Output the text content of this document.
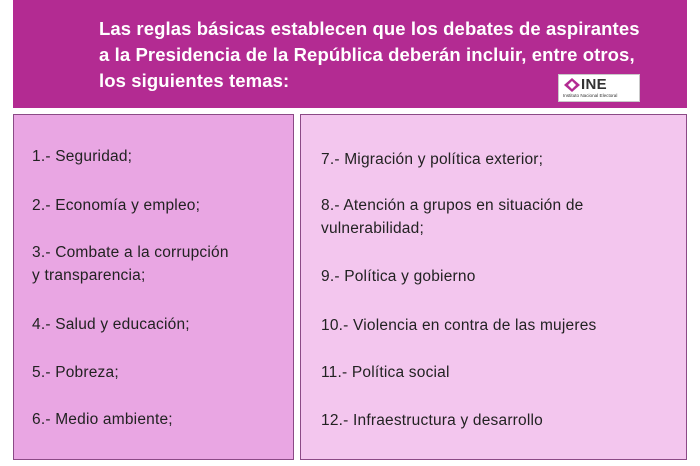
Las reglas básicas establecen que los debates de aspirantes
a la Presidencia de la República deberán incluir, entre otros,
los siguientes temas:	INE
Instituto Nacional Electoral
1.- Seguridad;
2.- Economía y empleo;
3.- Combate a la corrupción
y transparencia;
4.- Salud y educación;
5.- Pobreza;
6.- Medio ambiente;
7.- Migración y política exterior;
8.- Atención a grupos en situación de
vulnerabilidad;
9.- Política y gobierno
10.- Violencia en contra de las mujeres
11.- Política social
12.- Infraestructura y desarrollo
